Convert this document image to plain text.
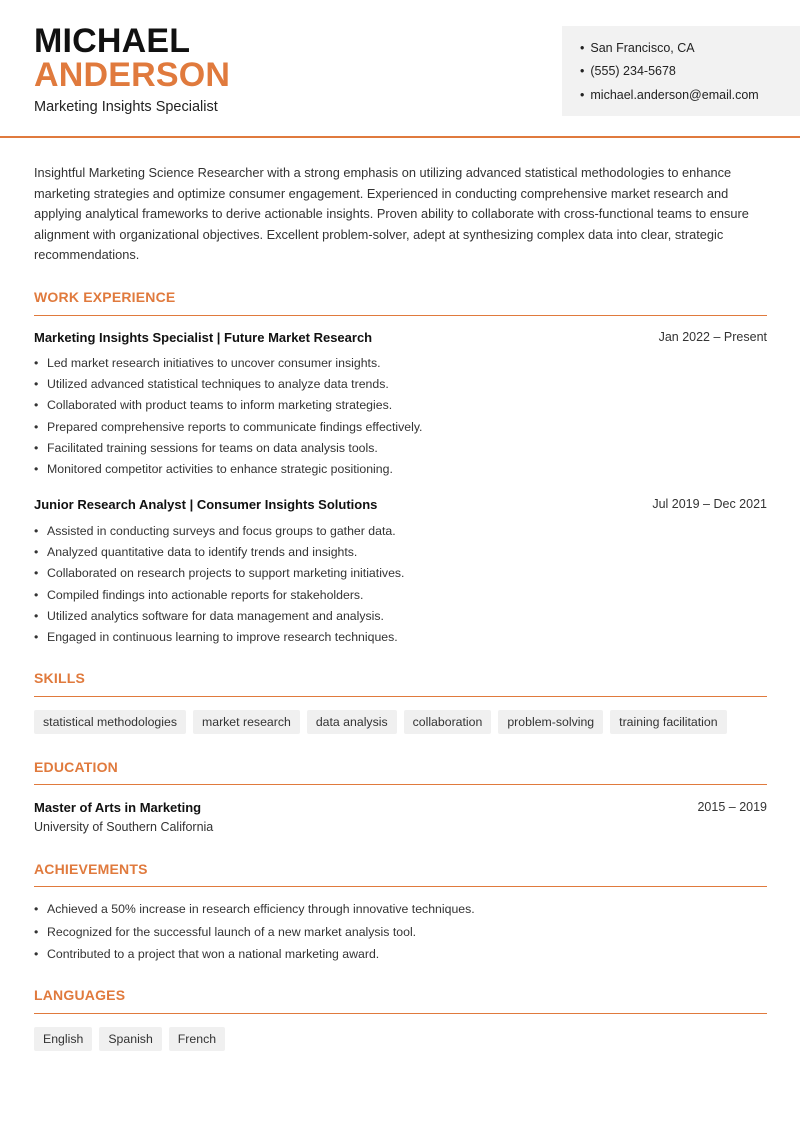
MICHAEL
ANDERSON
Marketing Insights Specialist
• San Francisco, CA
• (555) 234-5678
• michael.anderson@email.com
Insightful Marketing Science Researcher with a strong emphasis on utilizing advanced statistical methodologies to enhance marketing strategies and optimize consumer engagement. Experienced in conducting comprehensive market research and applying analytical frameworks to derive actionable insights. Proven ability to collaborate with cross-functional teams to ensure alignment with organizational objectives. Excellent problem-solver, adept at synthesizing complex data into clear, strategic recommendations.
WORK EXPERIENCE
Marketing Insights Specialist | Future Market Research	Jan 2022 – Present
• Led market research initiatives to uncover consumer insights.
• Utilized advanced statistical techniques to analyze data trends.
• Collaborated with product teams to inform marketing strategies.
• Prepared comprehensive reports to communicate findings effectively.
• Facilitated training sessions for teams on data analysis tools.
• Monitored competitor activities to enhance strategic positioning.
Junior Research Analyst | Consumer Insights Solutions	Jul 2019 – Dec 2021
• Assisted in conducting surveys and focus groups to gather data.
• Analyzed quantitative data to identify trends and insights.
• Collaborated on research projects to support marketing initiatives.
• Compiled findings into actionable reports for stakeholders.
• Utilized analytics software for data management and analysis.
• Engaged in continuous learning to improve research techniques.
SKILLS
statistical methodologies	market research	data analysis	collaboration	problem-solving	training facilitation
EDUCATION
Master of Arts in Marketing	2015 – 2019
University of Southern California
ACHIEVEMENTS
• Achieved a 50% increase in research efficiency through innovative techniques.
• Recognized for the successful launch of a new market analysis tool.
• Contributed to a project that won a national marketing award.
LANGUAGES
English	Spanish	French
